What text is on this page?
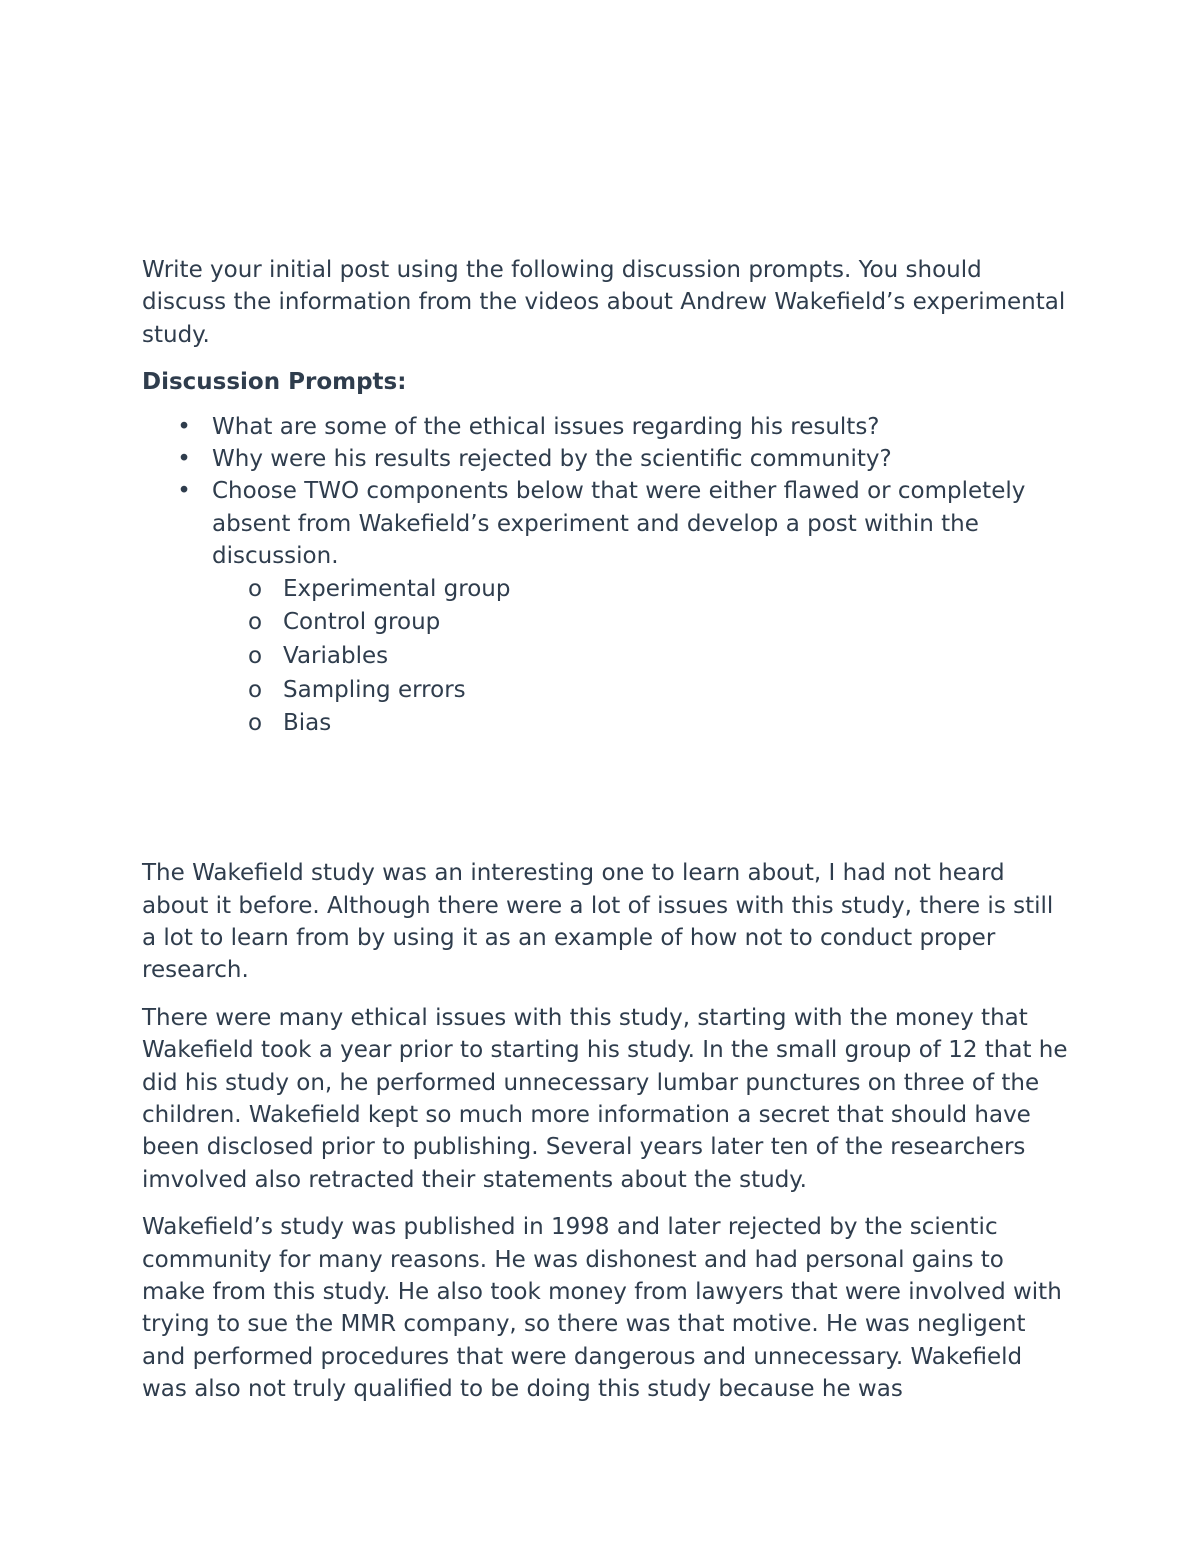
Write your initial post using the following discussion prompts. You should discuss the information from the videos about Andrew Wakefield’s experimental study.

Discussion Prompts:

• What are some of the ethical issues regarding his results?
• Why were his results rejected by the scientific community?
• Choose TWO components below that were either flawed or completely absent from Wakefield’s experiment and develop a post within the discussion.
o Experimental group
o Control group
o Variables
o Sampling errors
o Bias

The Wakefield study was an interesting one to learn about, I had not heard about it before. Although there were a lot of issues with this study, there is still a lot to learn from by using it as an example of how not to conduct proper research.

There were many ethical issues with this study, starting with the money that Wakefield took a year prior to starting his study. In the small group of 12 that he did his study on, he performed unnecessary lumbar punctures on three of the children. Wakefield kept so much more information a secret that should have been disclosed prior to publishing. Several years later ten of the researchers imvolved also retracted their statements about the study.

Wakefield’s study was published in 1998 and later rejected by the scientic community for many reasons. He was dishonest and had personal gains to make from this study. He also took money from lawyers that were involved with trying to sue the MMR company, so there was that motive. He was negligent and performed procedures that were dangerous and unnecessary. Wakefield was also not truly qualified to be doing this study because he was
